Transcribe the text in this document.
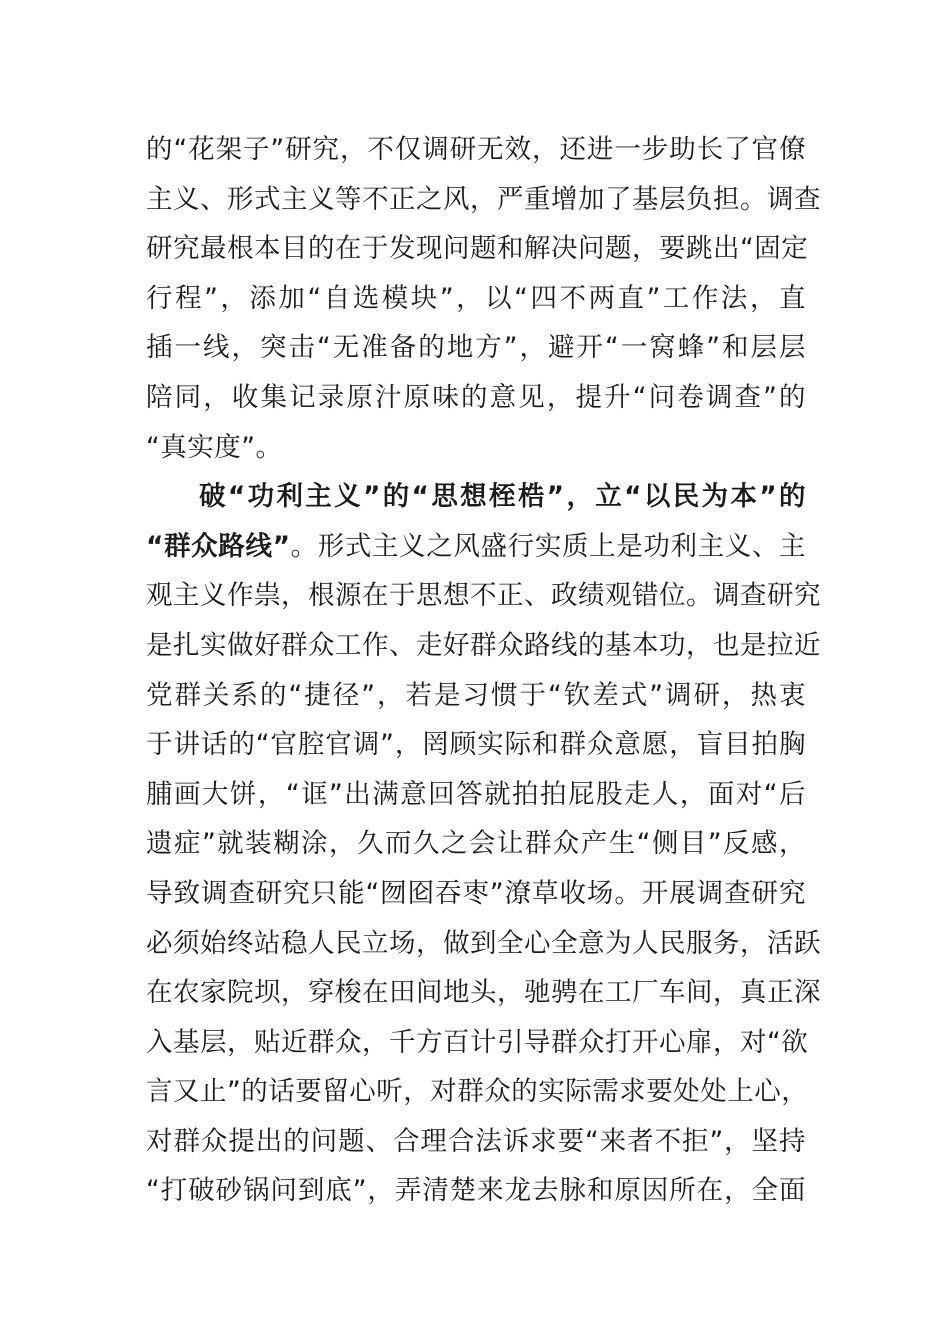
的“花架子”研究，不仅调研无效，还进一步助长了官僚
主义、形式主义等不正之风，严重增加了基层负担。调查
研究最根本目的在于发现问题和解决问题，要跳出“固定
行程”，添加“自选模块”，以“四不两直”工作法，直
插一线，突击“无准备的地方”，避开“一窝蜂”和层层
陪同，收集记录原汁原味的意见，提升“问卷调查”的
“真实度”。
破“功利主义”的“思想桎梏”，立“以民为本”的
“群众路线”。形式主义之风盛行实质上是功利主义、主
观主义作祟，根源在于思想不正、政绩观错位。调查研究
是扎实做好群众工作、走好群众路线的基本功，也是拉近
党群关系的“捷径”，若是习惯于“钦差式”调研，热衷
于讲话的“官腔官调”，罔顾实际和群众意愿，盲目拍胸
脯画大饼，“诓”出满意回答就拍拍屁股走人，面对“后
遗症”就装糊涂，久而久之会让群众产生“侧目”反感，
导致调查研究只能“囫囵吞枣”潦草收场。开展调查研究
必须始终站稳人民立场，做到全心全意为人民服务，活跃
在农家院坝，穿梭在田间地头，驰骋在工厂车间，真正深
入基层，贴近群众，千方百计引导群众打开心扉，对“欲
言又止”的话要留心听，对群众的实际需求要处处上心，
对群众提出的问题、合理合法诉求要“来者不拒”，坚持
“打破砂锅问到底”，弄清楚来龙去脉和原因所在，全面
